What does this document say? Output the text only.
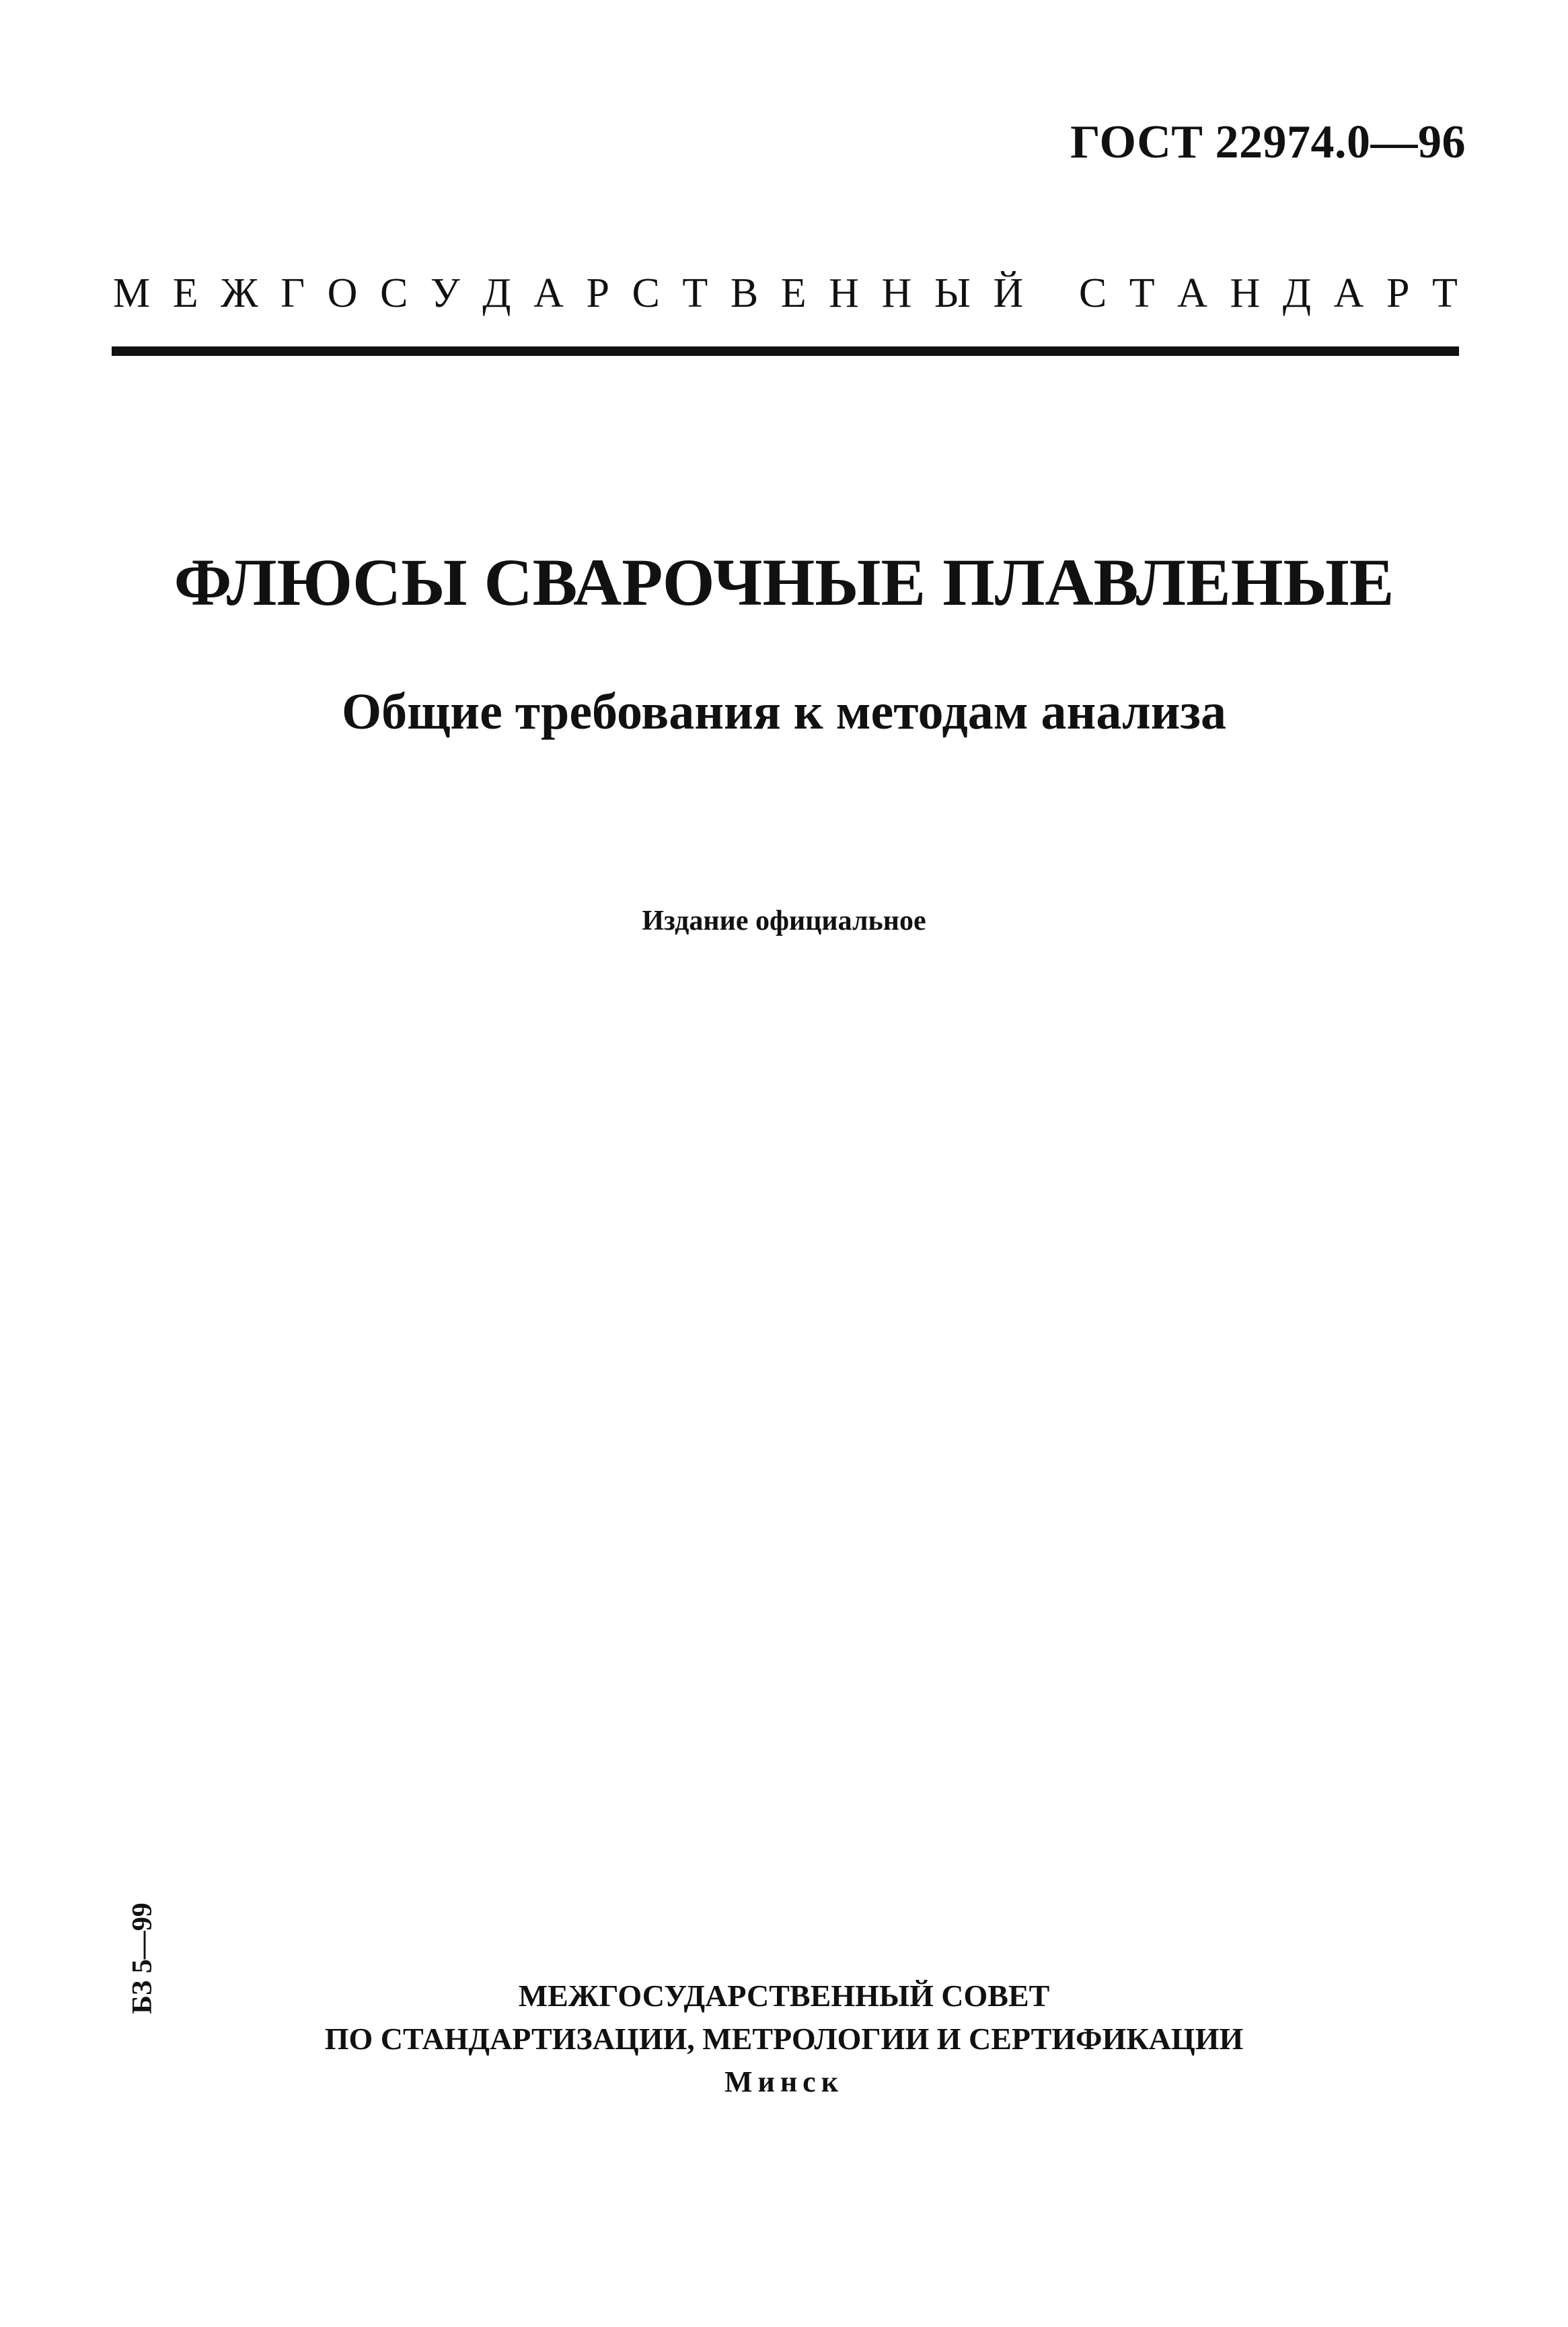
ГОСТ 22974.0—96
М Е Ж Г О С У Д А Р С Т В Е Н Н Ы Й
С Т А Н Д А Р Т
ФЛЮСЫ СВАРОЧНЫЕ ПЛАВЛЕНЫЕ
Общие требования к методам анализа
Издание официальное
БЗ 5—99	МЕЖГОСУДАРСТВЕННЫЙ СОВЕТ
ПО СТАНДАРТИЗАЦИИ, МЕТРОЛОГИИ И СЕРТИФИКАЦИИ
Минск
